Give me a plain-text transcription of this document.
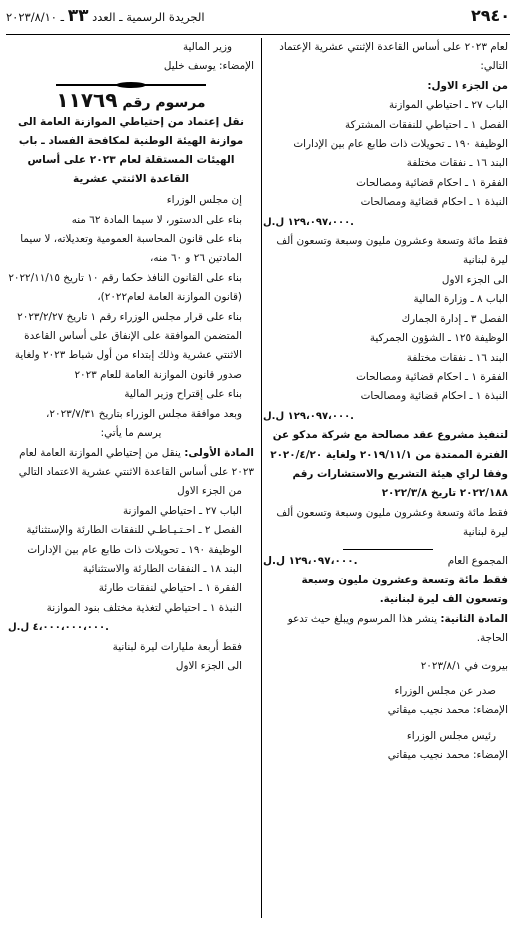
٢٩٤٠
الجريدة الرسمية ـ العدد ٣٣ ـ ٢٠٢٣/٨/١٠

لعام ٢٠٢٣ على أساس القاعدة الإثنتي عشرية الإعتماد التالي:

من الجزء الاول:

الباب ٢٧ ـ احتياطي الموازنة

الفصل ١ ـ احتياطي للنفقات المشتركة

الوظيفة ١٩٠ ـ تحويلات ذات طابع عام بين الإدارات

البند ١٦ ـ نفقات مختلفة

الفقرة ١ ـ احكام قضائية ومصالحات

النبذة ١ ـ احكام قضائية ومصالحات

١٢٩،٠٩٧،٠٠٠ ل.ل.

فقط مائة وتسعة وعشرون مليون وسبعة وتسعون ألف ليرة لبنانية

الى الجزء الاول

الباب ٨ ـ وزارة المالية

الفصل ٣ ـ إدارة الجمارك

الوظيفة ١٢٥ ـ الشؤون الجمركية

البند ١٦ ـ نفقات مختلفة

الفقرة ١ ـ احكام قضائية ومصالحات

النبذة ١ ـ احكام قضائية ومصالحات

١٢٩،٠٩٧،٠٠٠ ل.ل.

لتنفيذ مشروع عقد مصالحة مع شركة مدكو عن الفترة الممتدة من ٢٠١٩/١١/١ ولغاية ٢٠٢٠/٤/٢٠ وفقا لراي هيئة التشريع والاستشارات رقم ٢٠٢٢/١٨٨ تاريخ ٢٠٢٢/٣/٨

فقط مائة وتسعة وعشرون مليون وسبعة وتسعون ألف ليرة لبنانية

المجموع العام
١٢٩،٠٩٧،٠٠٠ ل.ل.

فقط مائة وتسعة وعشرون مليون وسبعة وتسعون الف ليرة لبنانية.

المادة الثانية: ينشر هذا المرسوم ويبلغ حيث تدعو الحاجة.

بيروت في ٢٠٢٣/٨/١

صدر عن مجلس الوزراء

الإمضاء: محمد نجيب ميقاتي

رئيس مجلس الوزراء

الإمضاء: محمد نجيب ميقاتي

وزير المالية

الإمضاء: يوسف خليل

مرسوم رقم ١١٧٦٩

نقل إعتماد من إحتياطي الموازنة العامة الى موازنة الهيئة الوطنية لمكافحة الفساد ـ باب الهيئات المستقلة لعام ٢٠٢٣ على أساس القاعدة الاثنتي عشرية

إن مجلس الوزراء

بناء على الدستور، لا سيما المادة ٦٢ منه

بناء على قانون المحاسبة العمومية وتعديلاته، لا سيما المادتين ٢٦ و ٦٠ منه،

بناء على القانون النافذ حكما رقم ١٠ تاريخ ٢٠٢٢/١١/١٥ (قانون الموازنة العامة لعام٢٠٢٢)،

بناء على قرار مجلس الوزراء رقم ١ تاريخ ٢٠٢٣/٢/٢٧ المتضمن الموافقة على الإنفاق على أساس القاعدة الاثنتي عشرية وذلك إبتداء من أول شباط ٢٠٢٣ ولغاية صدور قانون الموازنة العامة للعام ٢٠٢٣

بناء على إقتراح وزير المالية

وبعد موافقة مجلس الوزراء بتاريخ ٢٠٢٣/٧/٣١،

يرسم ما يأتي:

المادة الأولى: ينقل من إحتياطي الموازنة العامة لعام ٢٠٢٣ على أساس القاعدة الاثنتي عشرية الاعتماد التالي

من الجزء الاول

الباب ٢٧ ـ احتياطي الموازنة

الفصل ٢ ـ احـتـيـاطـي للنفقات الطارئة والإستثنائية

الوظيفة ١٩٠ ـ تحويلات ذات طابع عام بين الإدارات

البند ١٨ ـ النفقات الطارئة والاستثنائية

الفقرة ١ ـ احتياطي لنفقات طارئة

النبذة ١ ـ احتياطي لتغذية مختلف بنود الموازنة

٤،٠٠٠،٠٠٠،٠٠٠ ل.ل.

فقط أربعة مليارات ليرة لبنانية

الى الجزء الاول
